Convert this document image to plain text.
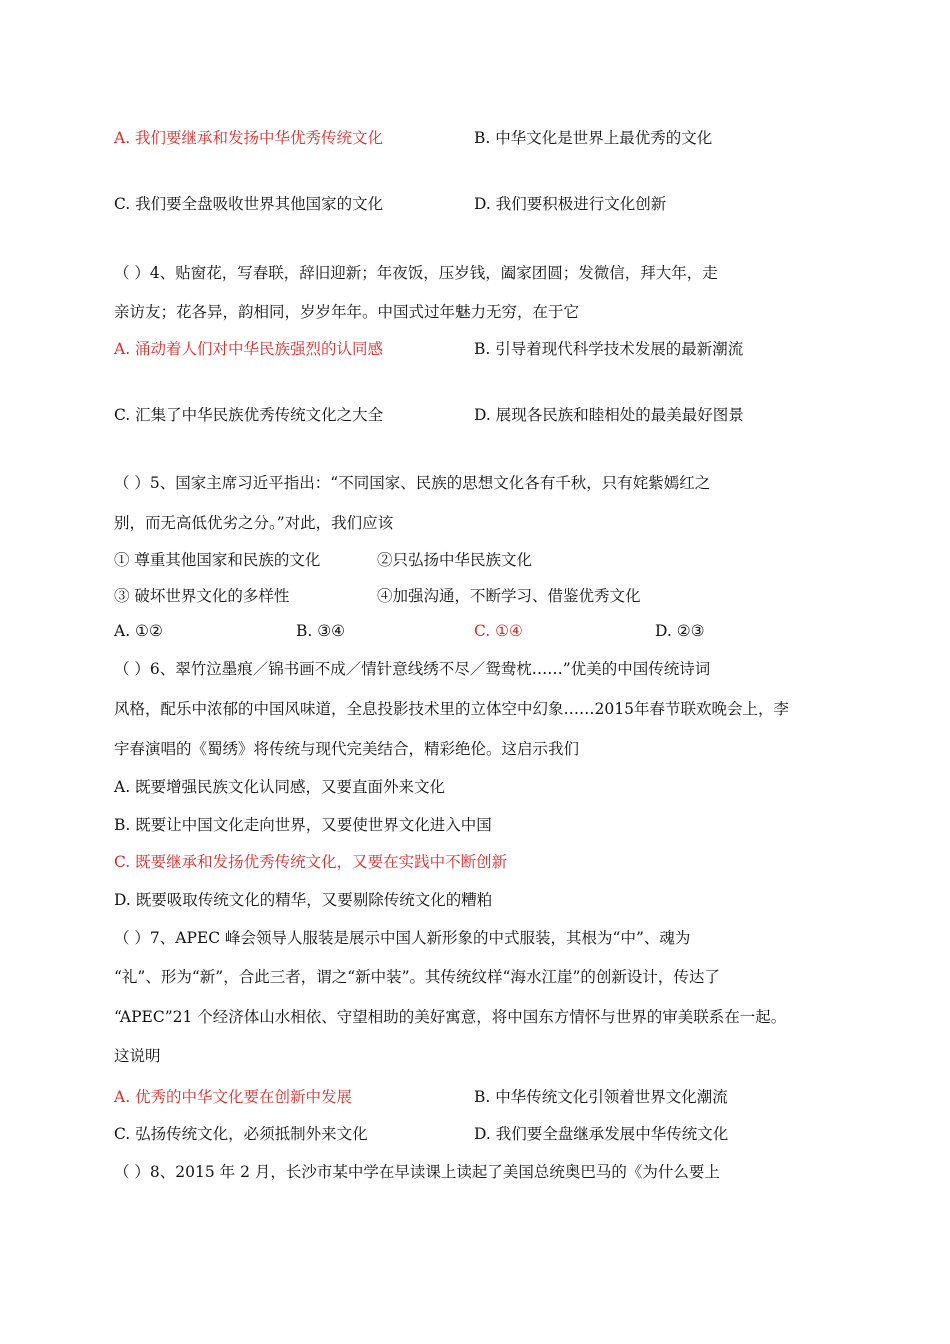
A. 我们要继承和发扬中华优秀传统文化	B. 中华文化是世界上最优秀的文化
C. 我们要全盘吸收世界其他国家的文化	D. 我们要积极进行文化创新
（ ）4、贴窗花，写春联，辞旧迎新；年夜饭，压岁钱，阖家团圆；发微信，拜大年，走
亲访友；花各异，韵相同，岁岁年年。中国式过年魅力无穷，在于它
A. 涌动着人们对中华民族强烈的认同感	B. 引导着现代科学技术发展的最新潮流
C. 汇集了中华民族优秀传统文化之大全	D. 展现各民族和睦相处的最美最好图景
（ ）5、国家主席习近平指出：“不同国家、民族的思想文化各有千秋，只有姹紫嫣红之
别，而无高低优劣之分。”对此，我们应该
① 尊重其他国家和民族的文化	②只弘扬中华民族文化
③ 破坏世界文化的多样性	④加强沟通，不断学习、借鉴优秀文化
A. ①②	B. ③④	C. ①④	D. ②③
（ ）6、翠竹泣墨痕／锦书画不成／情针意线绣不尽／鸳鸯枕……”优美的中国传统诗词
风格，配乐中浓郁的中国风味道，全息投影技术里的立体空中幻象……2015年春节联欢晚会上，李
宇春演唱的《蜀绣》将传统与现代完美结合，精彩绝伦。这启示我们
A. 既要增强民族文化认同感，又要直面外来文化
B. 既要让中国文化走向世界，又要使世界文化进入中国
C. 既要继承和发扬优秀传统文化，又要在实践中不断创新
D. 既要吸取传统文化的精华，又要剔除传统文化的糟粕
（ ）7、APEC 峰会领导人服装是展示中国人新形象的中式服装，其根为“中”、魂为
“礼”、形为“新”，合此三者，谓之“新中装”。其传统纹样“海水江崖”的创新设计，传达了
“APEC”21 个经济体山水相依、守望相助的美好寓意，将中国东方情怀与世界的审美联系在一起。
这说明
A. 优秀的中华文化要在创新中发展	B. 中华传统文化引领着世界文化潮流
C. 弘扬传统文化，必须抵制外来文化	D. 我们要全盘继承发展中华传统文化
（ ）8、2015 年 2 月，长沙市某中学在早读课上读起了美国总统奥巴马的《为什么要上
